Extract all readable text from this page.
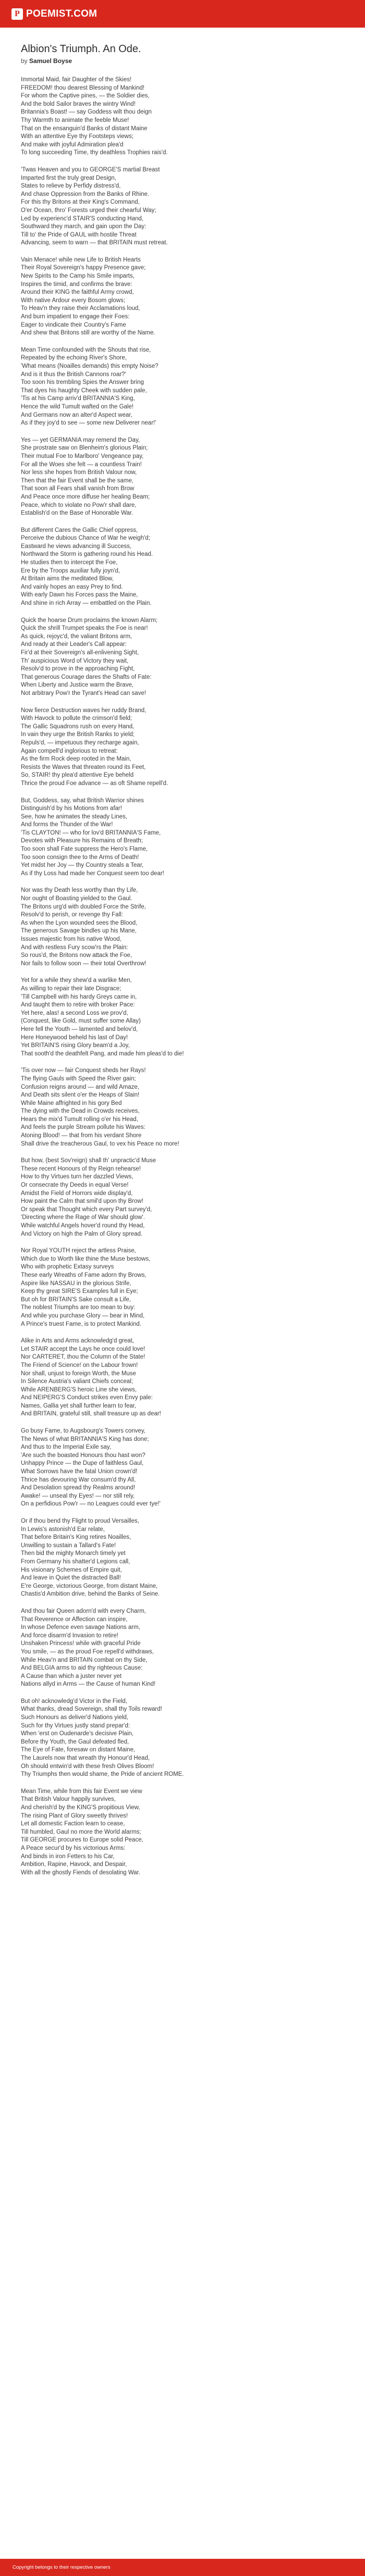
P POEMIST.COM
Albion's Triumph. An Ode.

by Samuel Boyse

Immortal Maid, fair Daughter of the Skies!
FREEDOM! thou dearest Blessing of Mankind!
For whom the Captive pines, — the Soldier dies,
And the bold Sailor braves the wintry Wind!
Britannia's Boast! — say Goddess wilt thou deign
Thy Warmth to animate the feeble Muse!
That on the ensanguin'd Banks of distant Maine
With an attentive Eye thy Footsteps views;
And make with joyful Admiration plea'd
To long succeeding Time, thy deathless Trophies rais'd.
'Twas Heaven and you to GEORGE'S martial Breast
Imparted first the truly great Design,
States to relieve by Perfidy distress'd,
And chase Oppression from the Banks of Rhine.
For this thy Britons at their King's Command,
O'er Ocean, thro' Forests urged their chearful Way;
Led by experienc'd STAIR'S conducting Hand,
Southward they march, and gain upon the Day:
Till to' the Pride of GAUL with hostile Threat
Advancing, seem to warn — that BRITAIN must retreat.
Vain Menace! while new Life to British Hearts
Their Royal Sovereign's happy Presence gave;
New Spirits to the Camp his Smile imparts,
Inspires the timid, and confirms the brave:
Around their KING the faithful Army crowd,
With native Ardour every Bosom glows;
To Heav'n they raise their Acclamations loud,
And burn impatient to engage their Foes:
Eager to vindicate their Country's Fame
And shew that Britons still are worthy of the Name.
Mean Time confounded with the Shouts that rise,
Repeated by the echoing River's Shore,
'What means (Noailles demands) this empty Noise?
And is it thus the British Cannons roar?'
Too soon his trembling Spies the Answer bring
That dyes his haughty Cheek with sudden pale,
'Tis at his Camp arriv'd BRITANNIA'S King,
Hence the wild Tumult wafted on the Gale!
And Germans now an alter'd Aspect wear,
As if they joy'd to see — some new Deliverer near!'
Yes — yet GERMANIA may remend the Day,
She prostrate saw on Blenheim's glorious Plain;
Their mutual Foe to Marlboro' Vengeance pay,
For all the Woes she felt — a countless Train!
Nor less she hopes from British Valour now,
Then that the fair Event shall be the same,
That soon all Fears shall vanish from Brow
And Peace once more diffuse her healing Beam;
Peace, which to violate no Pow'r shall dare,
Establish'd on the Base of Honorable War.
But different Cares the Gallic Chief oppress,
Perceive the dubious Chance of War he weigh'd;
Eastward he views advancing ill Success,
Northward the Storm is gathering round his Head.
He studies then to intercept the Foe,
Ere by the Troops auxiliar fully joyn'd,
At Britain aims the meditated Blow,
And vainly hopes an easy Prey to find.
With early Dawn his Forces pass the Maine,
And shine in rich Array — embattled on the Plain.
Quick the hoarse Drum proclaims the known Alarm;
Quick the shrill Trumpet speaks the Foe is near!
As quick, rejoyc'd, the valiant Britons arm,
And ready at their Leader's Call appear:
Fir'd at their Sovereign's all-enlivening Sight,
Th' auspicious Word of Victory they wait,
Resolv'd to prove in the approaching Fight,
That generous Courage dares the Shafts of Fate:
When Liberty and Justice warm the Brave,
Not arbitrary Pow'r the Tyrant's Head can save!
Now fierce Destruction waves her ruddy Brand,
With Havock to pollute the crimson'd field;
The Gallic Squadrons rush on every Hand,
In vain they urge the British Ranks to yield;
Repuls'd, — impetuous they recharge again,
Again compell'd inglorious to retreat:
As the firm Rock deep rooted in the Main,
Resists the Waves that threaten round its Feet,
So, STAIR! thy plea'd attentive Eye beheld
Thrice the proud Foe advance — as oft Shame repell'd.
But, Goddess, say, what British Warrior shines
Distinguish'd by his Motions from afar!
See, how he animates the steady Lines,
And forms the Thunder of the War!
'Tis CLAYTON! — who for lov'd BRITANNIA'S Fame,
Devotes with Pleasure his Remains of Breath;
Too soon shall Fate suppress the Hero's Flame,
Too soon consign thee to the Arms of Death!
Yet midst her Joy — thy Country steals a Tear,
As if thy Loss had made her Conquest seem too dear!
Nor was thy Death less worthy than thy Life,
Nor ought of Boasting yielded to the Gaul.
The Britons urg'd with doubled Force the Strife,
Resolv'd to perish, or revenge thy Fall:
As when the Lyon wounded sees the Blood,
The generous Savage bindles up his Mane,
Issues majestic from his native Wood,
And with restless Fury scow'rs the Plain:
So rous'd, the Britons now attack the Foe,
Nor fails to follow soon — their total Overthrow!
Yet for a while they shew'd a warlike Men,
As willing to repair their late Disgrace;
'Till Campbell with his hardy Greys came in,
And taught them to retire with broker Pace:
Yet here, alas! a second Loss we prov'd,
(Conquest, like Gold, must suffer some Allay)
Here fell the Youth — lamented and belov'd,
Here Honeywood beheld his last of Day!
Yet BRITAIN'S rising Glory beam'd a Joy,
That sooth'd the deathfelt Pang, and made him pleas'd to die!
'Tis over now — fair Conquest sheds her Rays!
The flying Gauls with Speed the River gain;
Confusion reigns around — and wild Amaze,
And Death sits silent o'er the Heaps of Slain!
While Maine affrighted in his gory Bed
The dying with the Dead in Crowds receives,
Hears the mix'd Tumult rolling o'er his Head,
And feels the purple Stream pollute his Waves:
Atoning Blood! — that from his verdant Shore
Shall drive the treacherous Gaul, to vex his Peace no more!
But how, (best Sov'reign) shall th' unpractic'd Muse
These recent Honours of thy Reign rehearse!
How to thy Virtues turn her dazzled Views,
Or consecrate thy Deeds in equal Verse!
Amidst the Field of Horrors wide display'd,
How paint the Calm that smil'd upon thy Brow!
Or speak that Thought which every Part survey'd,
'Directing where the Rage of War should glow'.
While watchful Angels hover'd round thy Head,
And Victory on high the Palm of Glory spread.
Nor Royal YOUTH reject the artless Praise,
Which due to Worth like thine the Muse bestows,
Who with prophetic Extasy surveys
These early Wreaths of Fame adorn thy Brows,
Aspire like NASSAU in the glorious Strife,
Keep thy great SIRE'S Examples full in Eye;
But oh for BRITAIN'S Sake consult a Life,
The noblest Triumphs are too mean to buy:
And while you purchase Glory — bear in Mind,
A Prince's truest Fame, is to protect Mankind.
Alike in Arts and Arms acknowledg'd great,
Let STAIR accept the Lays he once could love!
Nor CARTERET, thou the Column of the State!
The Friend of Science! on the Labour frown!
Nor shall, unjust to foreign Worth, the Muse
In Silence Austria's valiant Chiefs conceal;
While ARENBERG'S heroic Line she views,
And NEIPERG'S Conduct strikes even Envy pale:
Names, Gallia yet shall further learn to fear,
And BRITAIN, grateful still, shall treasure up as dear!
Go busy Fame, to Augsbourg's Towers convey,
The News of what BRITANNIA'S King has done;
And thus to the Imperial Exile say,
'Are such the boasted Honours thou hast won?
Unhappy Prince — the Dupe of faithless Gaul,
What Sorrows have the fatal Union crown'd!
Thrice has devouring War consum'd thy All,
And Desolation spread thy Realms around!
Awake! — unseal thy Eyes! — nor still rely,
On a perfidious Pow'r — no Leagues could ever tye!'
Or if thou bend thy Flight to proud Versailles,
In Lewis's astonish'd Ear relate,
That before Britain's King retires Noailles,
Unwilling to sustain a Tallard's Fate!
Then bid the mighty Monarch timely yet
From Germany his shatter'd Legions call,
His visionary Schemes of Empire quit,
And leave in Quiet the distracted Ball!
E're George, victorious George, from distant Maine,
Chastis'd Ambition drive, behind the Banks of Seine.
And thou fair Queen adorn'd with every Charm,
That Reverence or Affection can inspire,
In whose Defence even savage Nations arm,
And force disarm'd Invasion to retire!
Unshaken Princess! while with graceful Pride
You smile, — as the proud Foe repell'd withdraws,
While Heav'n and BRITAIN combat on thy Side,
And BELGIA arms to aid thy righteous Cause:
A Cause than which a juster never yet
Nations allyd in Arms — the Cause of human Kind!
But oh! acknowledg'd Victor in the Field,
What thanks, dread Sovereign, shall thy Toils reward!
Such Honours as deliver'd Nations yield,
Such for thy Virtues justly stand prepar'd:
When 'erst on Oudenarde's decisive Plain,
Before thy Youth, the Gaul defeated fled,
The Eye of Fate, foresaw on distant Maine,
The Laurels now that wreath thy Honour'd Head,
Oh should entwin'd with these fresh Olives Bloom!
Thy Triumphs then would shame, the Pride of ancient ROME.
Mean Time, while from this fair Event we view
That British Valour happily survives,
And cherish'd by the KING'S propitious View,
The rising Plant of Glory sweetly thrives!
Let all domestic Faction learn to cease,
Till humbled, Gaul no more the World alarms;
Till GEORGE procures to Europe solid Peace,
A Peace secur'd by his victorious Arms:
And binds in iron Fetters to his Car,
Ambition, Rapine, Havock, and Despair,
With all the ghostly Fiends of desolating War.
Copyright belongs to their respective owners
